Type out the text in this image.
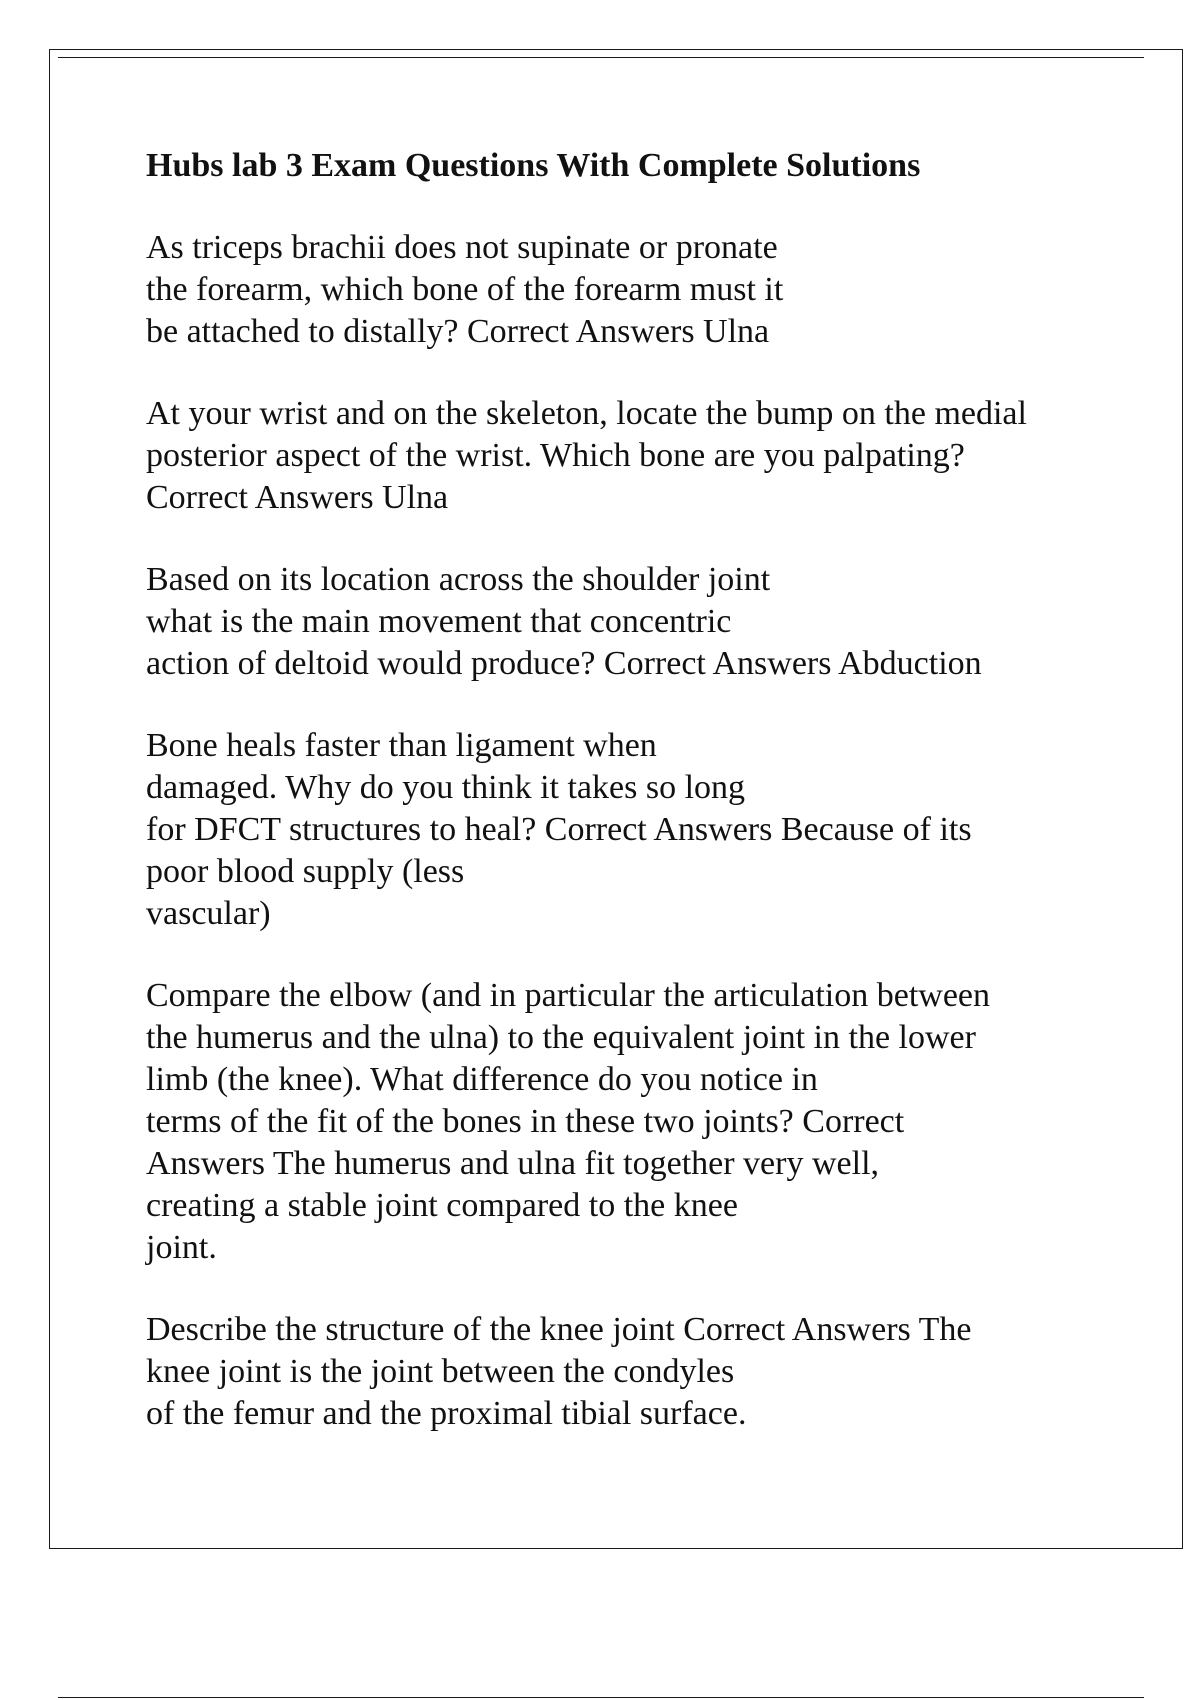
Hubs lab 3 Exam Questions With Complete Solutions
As triceps brachii does not supinate or pronate
the forearm, which bone of the forearm must it
be attached to distally? Correct Answers Ulna
At your wrist and on the skeleton, locate the bump on the medial
posterior aspect of the wrist. Which bone are you palpating?
Correct Answers Ulna
Based on its location across the shoulder joint
what is the main movement that concentric
action of deltoid would produce? Correct Answers Abduction
Bone heals faster than ligament when
damaged. Why do you think it takes so long
for DFCT structures to heal? Correct Answers Because of its
poor blood supply (less
vascular)
Compare the elbow (and in particular the articulation between
the humerus and the ulna) to the equivalent joint in the lower
limb (the knee). What difference do you notice in
terms of the fit of the bones in these two joints? Correct
Answers The humerus and ulna fit together very well,
creating a stable joint compared to the knee
joint.
Describe the structure of the knee joint Correct Answers The
knee joint is the joint between the condyles
of the femur and the proximal tibial surface.
